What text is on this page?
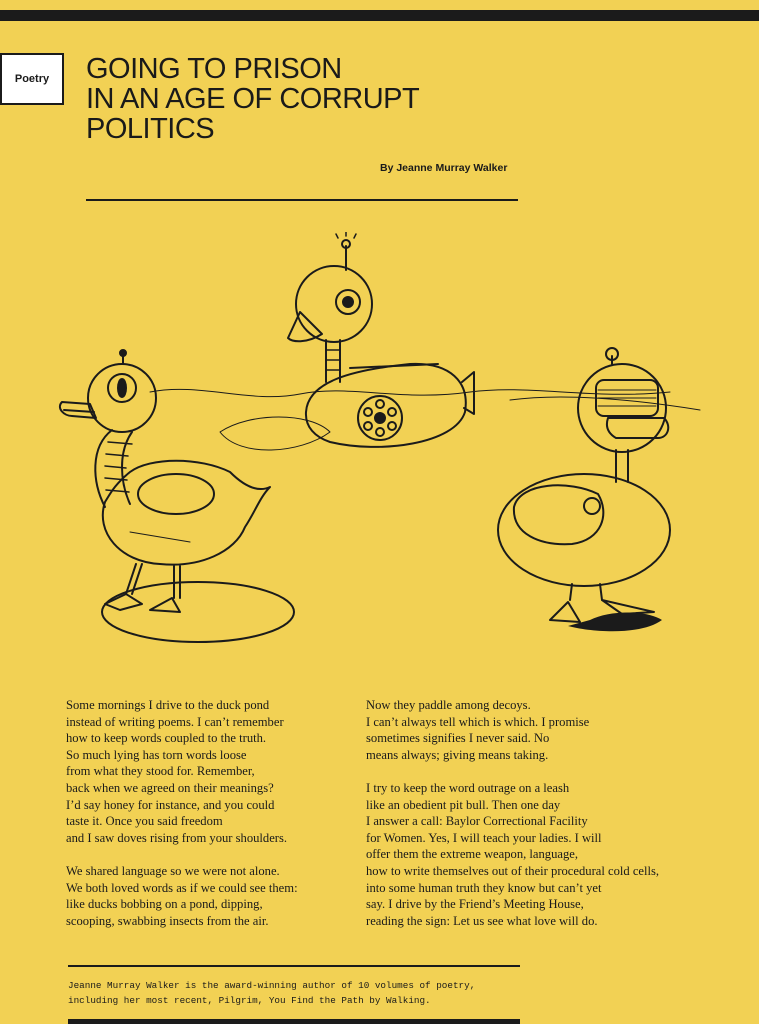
Poetry	GOING TO PRISON
IN AN AGE OF CORRUPT
POLITICS
By Jeanne Murray Walker

Some mornings I drive to the duck pond
instead of writing poems. I can’t remember
how to keep words coupled to the truth.
So much lying has torn words loose
from what they stood for. Remember,
back when we agreed on their meanings?
I’d say honey for instance, and you could
taste it. Once you said freedom
and I saw doves rising from your shoulders.

We shared language so we were not alone.
We both loved words as if we could see them:
like ducks bobbing on a pond, dipping,
scooping, swabbing insects from the air.

Now they paddle among decoys.
I can’t always tell which is which. I promise
sometimes signifies I never said. No
means always; giving means taking.

I try to keep the word outrage on a leash
like an obedient pit bull. Then one day
I answer a call: Baylor Correctional Facility
for Women. Yes, I will teach your ladies. I will
offer them the extreme weapon, language,
how to write themselves out of their procedural cold cells,
into some human truth they know but can’t yet
say. I drive by the Friend’s Meeting House,
reading the sign: Let us see what love will do.

Jeanne Murray Walker is the award-winning author of 10 volumes of poetry,
including her most recent, Pilgrim, You Find the Path by Walking.
